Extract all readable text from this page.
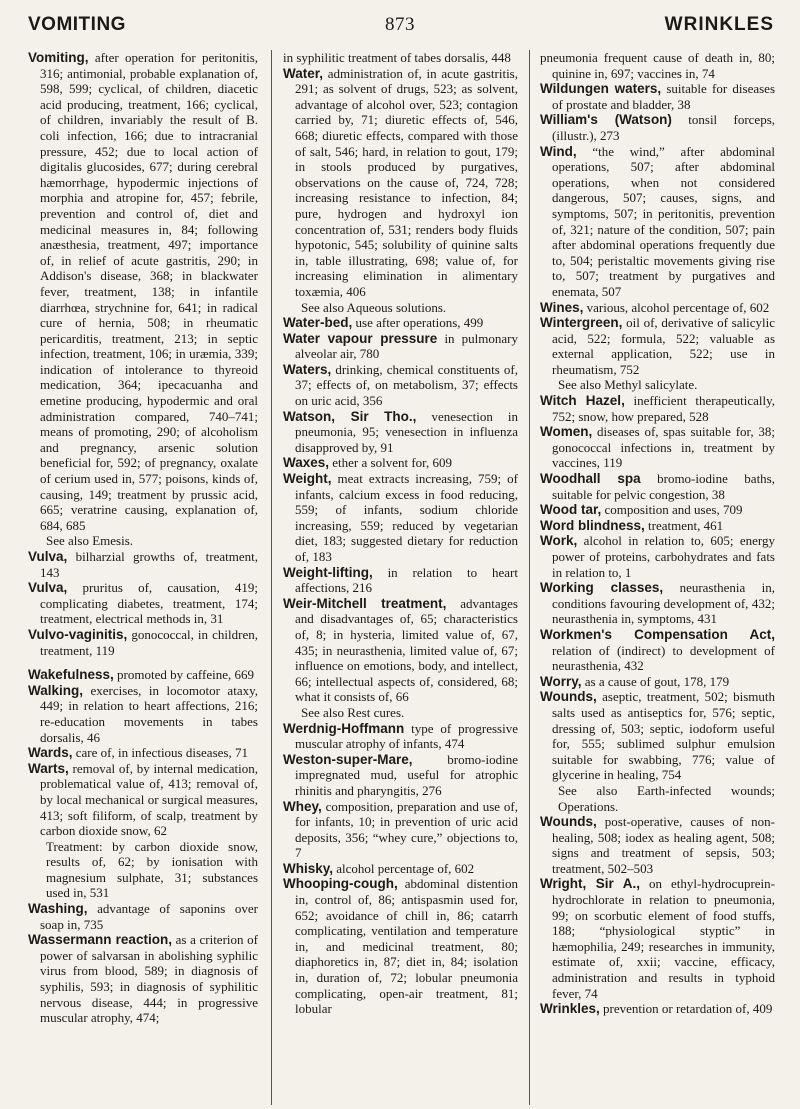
VOMITING	873	WRINKLES

Vomiting, after operation for peritonitis, 316; antimonial, probable explanation of, 598, 599; cyclical, of children, diacetic acid producing, treatment, 166; cyclical, of children, invariably the result of B. coli infection, 166; due to intracranial pressure, 452; due to local action of digitalis glucosides, 677; during cerebral hæmorrhage, hypodermic injections of morphia and atropine for, 457; febrile, prevention and control of, diet and medicinal measures in, 84; following anæsthesia, treatment, 497; importance of, in relief of acute gastritis, 290; in Addison's disease, 368; in blackwater fever, treatment, 138; in infantile diarrhœa, strychnine for, 641; in radical cure of hernia, 508; in rheumatic pericarditis, treatment, 213; in septic infection, treatment, 106; in uræmia, 339; indication of intolerance to thyreoid medication, 364; ipecacuanha and emetine producing, hypodermic and oral administration compared, 740–741; means of promoting, 290; of alcoholism and pregnancy, arsenic solution beneficial for, 592; of pregnancy, oxalate of cerium used in, 577; poisons, kinds of, causing, 149; treatment by prussic acid, 665; veratrine causing, explanation of, 684, 685

See also Emesis.

Vulva, bilharzial growths of, treatment, 143

Vulva, pruritus of, causation, 419; complicating diabetes, treatment, 174; treatment, electrical methods in, 31

Vulvo-vaginitis, gonococcal, in children, treatment, 119

Wakefulness, promoted by caffeine, 669

Walking, exercises, in locomotor ataxy, 449; in relation to heart affections, 216; re-education movements in tabes dorsalis, 46

Wards, care of, in infectious diseases, 71

Warts, removal of, by internal medication, problematical value of, 413; removal of, by local mechanical or surgical measures, 413; soft filiform, of scalp, treatment by carbon dioxide snow, 62

Treatment: by carbon dioxide snow, results of, 62; by ionisation with magnesium sulphate, 31; substances used in, 531

Washing, advantage of saponins over soap in, 735

Wassermann reaction, as a criterion of power of salvarsan in abolishing syphilic virus from blood, 589; in diagnosis of syphilis, 593; in diagnosis of syphilitic nervous disease, 444; in progressive muscular atrophy, 474;

in syphilitic treatment of tabes dorsalis, 448

Water, administration of, in acute gastritis, 291; as solvent of drugs, 523; as solvent, advantage of alcohol over, 523; contagion carried by, 71; diuretic effects of, 546, 668; diuretic effects, compared with those of salt, 546; hard, in relation to gout, 179; in stools produced by purgatives, observations on the cause of, 724, 728; increasing resistance to infection, 84; pure, hydrogen and hydroxyl ion concentration of, 531; renders body fluids hypotonic, 545; solubility of quinine salts in, table illustrating, 698; value of, for increasing elimination in alimentary toxæmia, 406

See also Aqueous solutions.

Water-bed, use after operations, 499

Water vapour pressure in pulmonary alveolar air, 780

Waters, drinking, chemical constituents of, 37; effects of, on metabolism, 37; effects on uric acid, 356

Watson, Sir Tho., venesection in pneumonia, 95; venesection in influenza disapproved by, 91

Waxes, ether a solvent for, 609

Weight, meat extracts increasing, 759; of infants, calcium excess in food reducing, 559; of infants, sodium chloride increasing, 559; reduced by vegetarian diet, 183; suggested dietary for reduction of, 183

Weight-lifting, in relation to heart affections, 216

Weir-Mitchell treatment, advantages and disadvantages of, 65; characteristics of, 8; in hysteria, limited value of, 67, 435; in neurasthenia, limited value of, 67; influence on emotions, body, and intellect, 66; intellectual aspects of, considered, 68; what it consists of, 66

See also Rest cures.

Werdnig-Hoffmann type of progressive muscular atrophy of infants, 474

Weston-super-Mare, bromo-iodine impregnated mud, useful for atrophic rhinitis and pharyngitis, 276

Whey, composition, preparation and use of, for infants, 10; in prevention of uric acid deposits, 356; “whey cure,” objections to, 7

Whisky, alcohol percentage of, 602

Whooping-cough, abdominal distention in, control of, 86; antispasmin used for, 652; avoidance of chill in, 86; catarrh complicating, ventilation and temperature in, and medicinal treatment, 80; diaphoretics in, 87; diet in, 84; isolation in, duration of, 72; lobular pneumonia complicating, open-air treatment, 81; lobular

pneumonia frequent cause of death in, 80; quinine in, 697; vaccines in, 74

Wildungen waters, suitable for diseases of prostate and bladder, 38

William's (Watson) tonsil forceps, (illustr.), 273

Wind, “the wind,” after abdominal operations, 507; after abdominal operations, when not considered dangerous, 507; causes, signs, and symptoms, 507; in peritonitis, prevention of, 321; nature of the condition, 507; pain after abdominal operations frequently due to, 504; peristaltic movements giving rise to, 507; treatment by purgatives and enemata, 507

Wines, various, alcohol percentage of, 602

Wintergreen, oil of, derivative of salicylic acid, 522; formula, 522; valuable as external application, 522; use in rheumatism, 752

See also Methyl salicylate.

Witch Hazel, inefficient therapeutically, 752; snow, how prepared, 528

Women, diseases of, spas suitable for, 38; gonococcal infections in, treatment by vaccines, 119

Woodhall spa bromo-iodine baths, suitable for pelvic congestion, 38

Wood tar, composition and uses, 709

Word blindness, treatment, 461

Work, alcohol in relation to, 605; energy power of proteins, carbohydrates and fats in relation to, 1

Working classes, neurasthenia in, conditions favouring development of, 432; neurasthenia in, symptoms, 431

Workmen's Compensation Act, relation of (indirect) to development of neurasthenia, 432

Worry, as a cause of gout, 178, 179

Wounds, aseptic, treatment, 502; bismuth salts used as antiseptics for, 576; septic, dressing of, 503; septic, iodoform useful for, 555; sublimed sulphur emulsion suitable for swabbing, 776; value of glycerine in healing, 754

See also Earth-infected wounds; Operations.

Wounds, post-operative, causes of non-healing, 508; iodex as healing agent, 508; signs and treatment of sepsis, 503; treatment, 502–503

Wright, Sir A., on ethyl-hydrocuprein-hydrochlorate in relation to pneumonia, 99; on scorbutic element of food stuffs, 188; “physiological styptic” in hæmophilia, 249; researches in immunity, estimate of, xxii; vaccine, efficacy, administration and results in typhoid fever, 74

Wrinkles, prevention or retardation of, 409
